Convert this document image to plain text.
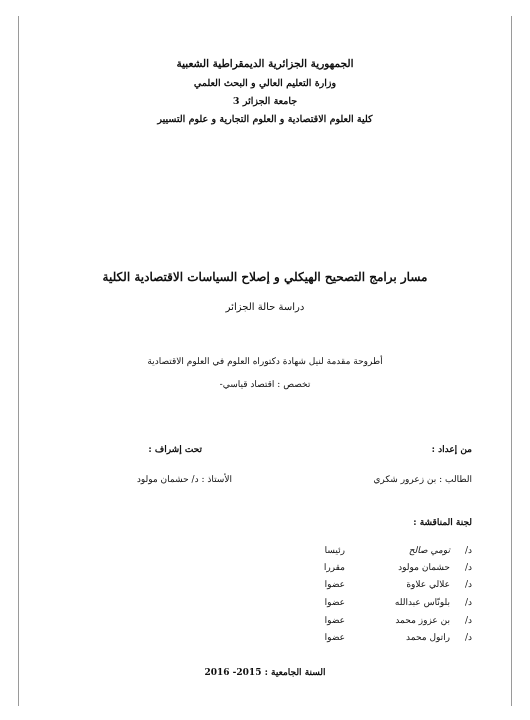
الجمهورية الجزائرية الديمقراطية الشعبية
وزارة التعليم العالي و البحث العلمي
جامعة الجزائر 3
كلية العلوم الاقتصادية و العلوم التجارية و علوم التسيير
مسار برامج التصحيح الهيكلي و إصلاح السياسات الاقتصادية الكلية
دراسة حالة الجزائر
أطروحة مقدمة لنيل شهادة دكتوراه العلوم في العلوم الاقتصادية
تخصص : اقتصاد قياسي-
من إعداد :
تحت إشراف :
الطالب : بن زعرور شكري
الأستاذ : د/ حشمان مولود
لجنة المناقشة :
د/
تومي صالح
رئيسا
د/
حشمان مولود
مقررا
د/
علالي علاوة
عضوا
د/
بلونّاس عبدالله
عضوا
د/
بن عزوز محمد
عضوا
د/
راتول محمد
عضوا
السنة الجامعية : 2015- 2016
